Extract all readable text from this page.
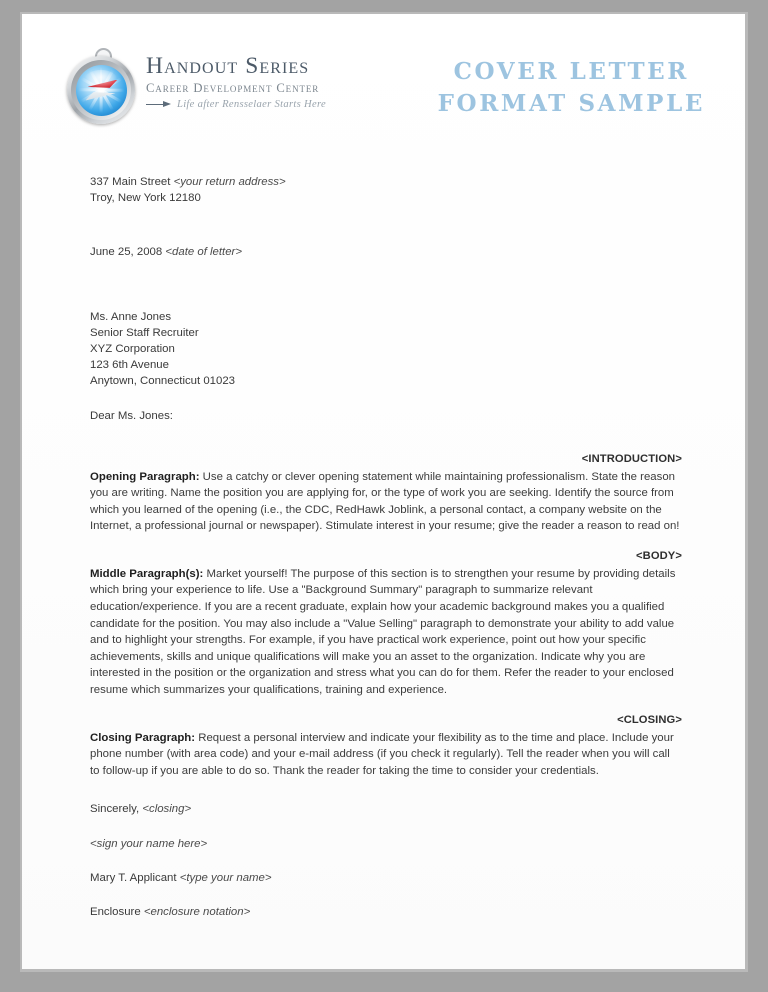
Handout Series
Career Development Center
Life after Rensselaer Starts Here
COVER LETTER
FORMAT SAMPLE
337 Main Street <your return address>
Troy, New York 12180
June 25, 2008 <date of letter>
Ms. Anne Jones
Senior Staff Recruiter
XYZ Corporation
123 6th Avenue
Anytown, Connecticut 01023
Dear Ms. Jones:
<INTRODUCTION>

Opening Paragraph: Use a catchy or clever opening statement while maintaining professionalism. State the reason you are writing. Name the position you are applying for, or the type of work you are seeking. Identify the source from which you learned of the opening (i.e., the CDC, RedHawk Joblink, a personal contact, a company website on the Internet, a professional journal or newspaper). Stimulate interest in your resume; give the reader a reason to read on!

<BODY>

Middle Paragraph(s): Market yourself! The purpose of this section is to strengthen your resume by providing details which bring your experience to life. Use a "Background Summary" paragraph to summarize relevant education/experience. If you are a recent graduate, explain how your academic background makes you a qualified candidate for the position. You may also include a "Value Selling" paragraph to demonstrate your ability to add value and to highlight your strengths. For example, if you have practical work experience, point out how your specific achievements, skills and unique qualifications will make you an asset to the organization. Indicate why you are interested in the position or the organization and stress what you can do for them. Refer the reader to your enclosed resume which summarizes your qualifications, training and experience.

<CLOSING>

Closing Paragraph: Request a personal interview and indicate your flexibility as to the time and place. Include your phone number (with area code) and your e-mail address (if you check it regularly). Tell the reader when you will call to follow-up if you are able to do so. Thank the reader for taking the time to consider your credentials.

Sincerely, <closing>

<sign your name here>

Mary T. Applicant <type your name>

Enclosure <enclosure notation>
